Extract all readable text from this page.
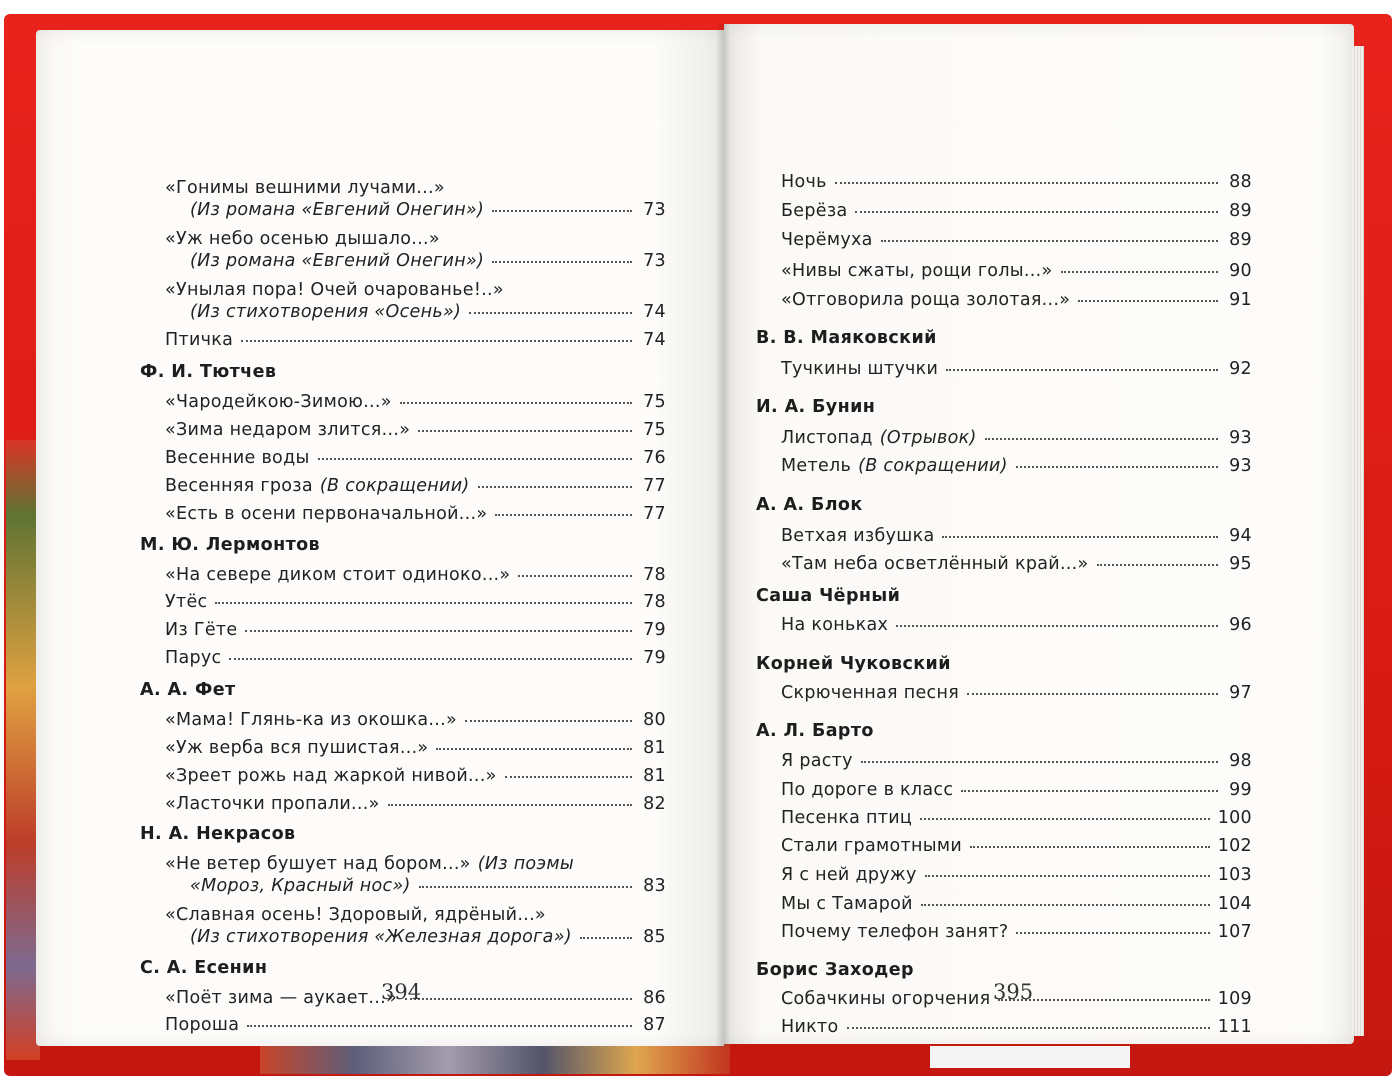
«Гонимы вешними лучами...»
(Из романа «Евгений Онегин»)	73
«Уж небо осенью дышало...»
(Из романа «Евгений Онегин»)	73
«Унылая пора! Очей очарованье!..»
(Из стихотворения «Осень»)	74
Птичка	74
Ф. И. Тютчев
«Чародейкою-Зимою...»	75
«Зима недаром злится...»	75
Весенние воды	76
Весенняя гроза (В сокращении)	77
«Есть в осени первоначальной...»	77
М. Ю. Лермонтов
«На севере диком стоит одиноко...»	78
Утёс	78
Из Гёте	79
Парус	79
А. А. Фет
«Мама! Глянь-ка из окошка...»	80
«Уж верба вся пушистая...»	81
«Зреет рожь над жаркой нивой...»	81
«Ласточки пропали...»	82
Н. А. Некрасов
«Не ветер бушует над бором...» (Из поэмы
«Мороз, Красный нос»)	83
«Славная осень! Здоровый, ядрёный...»
(Из стихотворения «Железная дорога»)	85
С. А. Есенин
«Поёт зима — аукает...»	86
Пороша	87
Ночь	88
Берёза	89
Черёмуха	89
«Нивы сжаты, рощи голы...»	90
«Отговорила роща золотая...»	91
В. В. Маяковский
Тучкины штучки	92
И. А. Бунин
Листопад (Отрывок)	93
Метель (В сокращении)	93
А. А. Блок
Ветхая избушка	94
«Там неба осветлённый край...»	95
Саша Чёрный
На коньках	96
Корней Чуковский
Скрюченная песня	97
А. Л. Барто
Я расту	98
По дороге в класс	99
Песенка птиц	100
Стали грамотными	102
Я с ней дружу	103
Мы с Тамарой	104
Почему телефон занят?	107
Борис Заходер
Собачкины огорчения	109
Никто	111
394	395
